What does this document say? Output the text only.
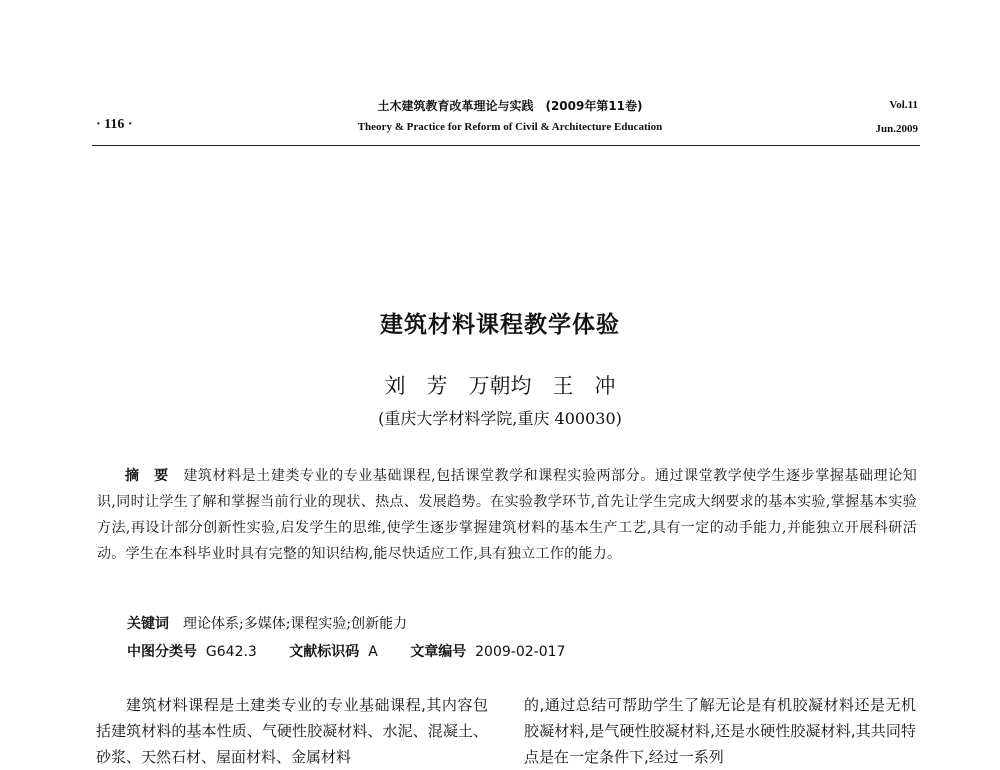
· 116 ·
土木建筑教育改革理论与实践　(2009年第11卷)
Theory & Practice for Reform of Civil & Architecture Education
Vol.11
Jun.2009
建筑材料课程教学体验
刘　芳　万朝均　王　冲
(重庆大学材料学院,重庆 400030)
摘　要　 建筑材料是土建类专业的专业基础课程,包括课堂教学和课程实验两部分。通过课堂教学使学生逐步掌握基础理论知识,同时让学生了解和掌握当前行业的现状、热点、发展趋势。在实验教学环节,首先让学生完成大纲要求的基本实验,掌握基本实验方法,再设计部分创新性实验,启发学生的思维,使学生逐步掌握建筑材料的基本生产工艺,具有一定的动手能力,并能独立开展科研活动。学生在本科毕业时具有完整的知识结构,能尽快适应工作,具有独立工作的能力。
关键词　 理论体系;多媒体;课程实验;创新能力
中图分类号 G642.3 文献标识码 A 文章编号 2009-02-017
建筑材料课程是土建类专业的专业基础课程,其内容包括建筑材料的基本性质、气硬性胶凝材料、水泥、混凝土、砂浆、天然石材、屋面材料、金属材料
的,通过总结可帮助学生了解无论是有机胶凝材料还是无机胶凝材料,是气硬性胶凝材料,还是水硬性胶凝材料,其共同特点是在一定条件下,经过一系列
